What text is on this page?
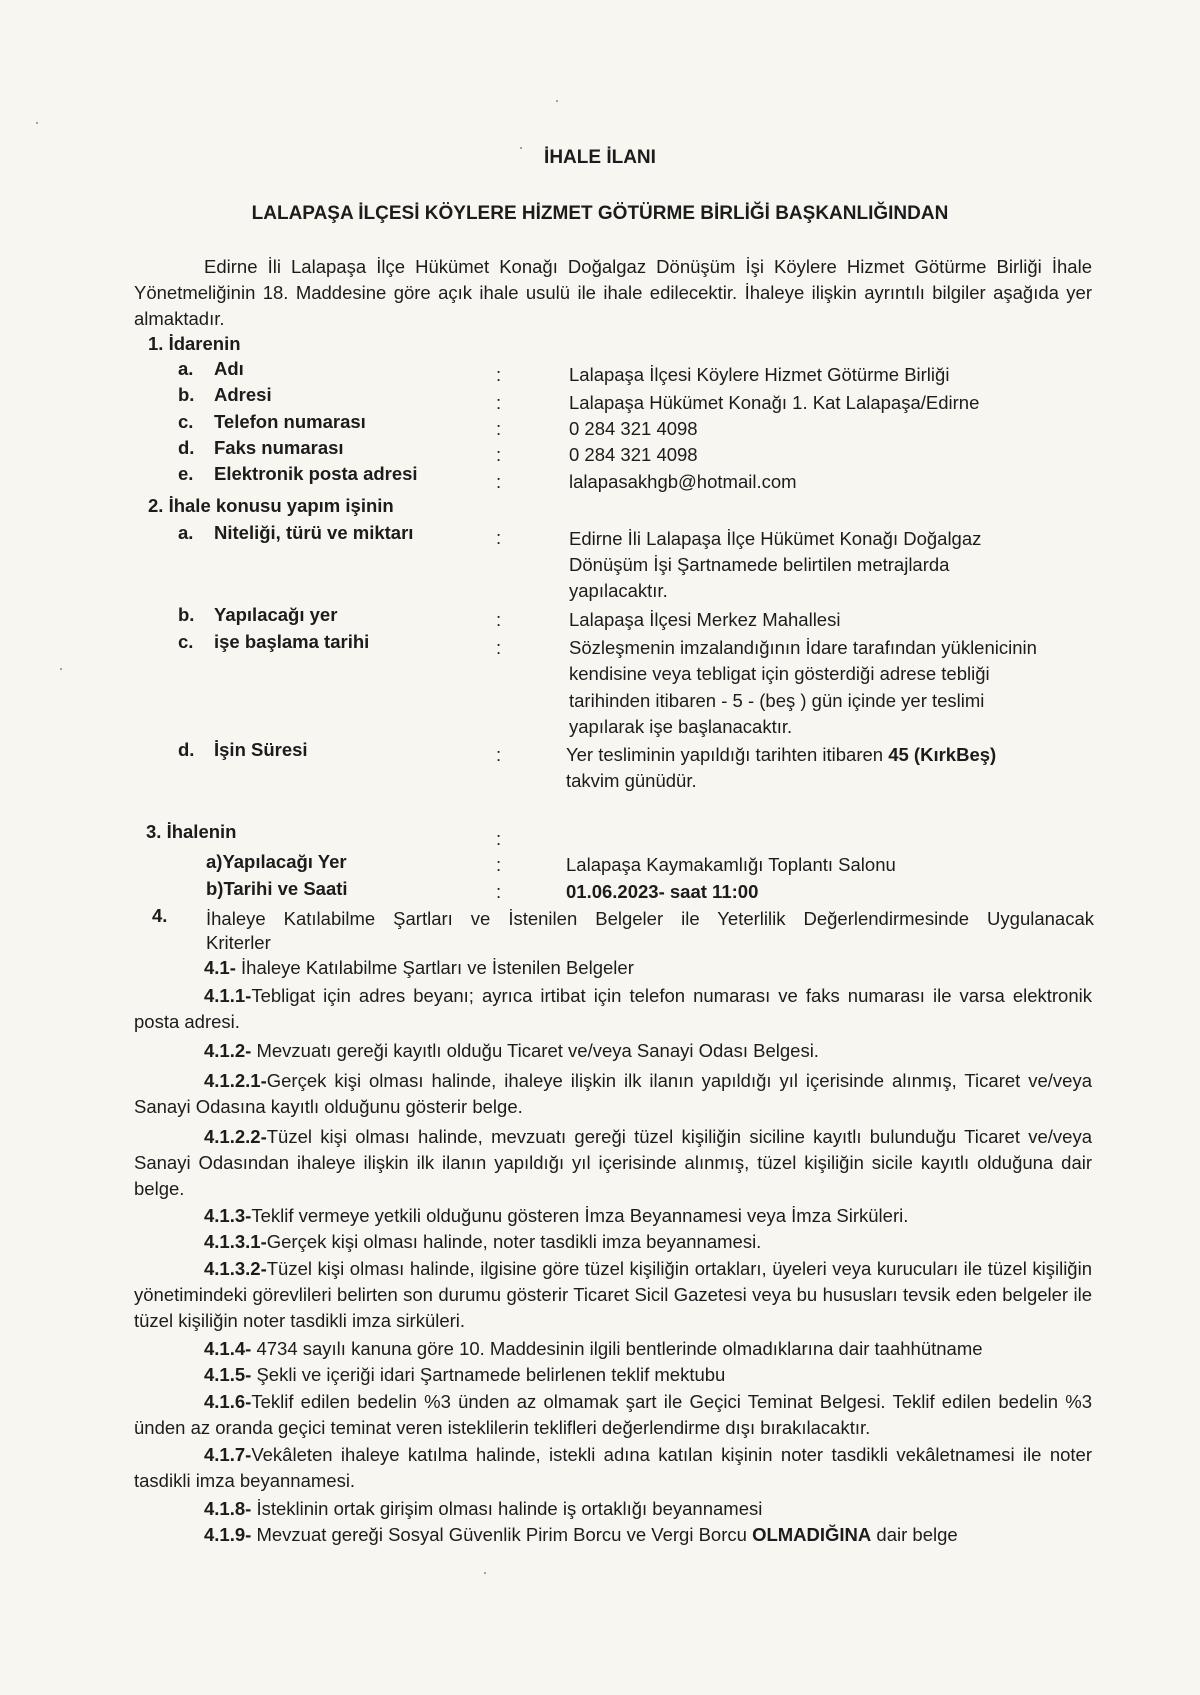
İHALE İLANI
LALAPAŞA İLÇESİ KÖYLERE HİZMET GÖTÜRME BİRLİĞİ BAŞKANLIĞINDAN
Edirne İli Lalapaşa İlçe Hükümet Konağı Doğalgaz Dönüşüm İşi Köylere Hizmet Götürme Birliği İhale Yönetmeliğinin 18. Maddesine göre açık ihale usulü ile ihale edilecektir. İhaleye ilişkin ayrıntılı bilgiler aşağıda yer almaktadır.
1. İdarenin
a. Adı	:	Lalapaşa İlçesi Köylere Hizmet Götürme Birliği
b. Adresi	:	Lalapaşa Hükümet Konağı 1. Kat Lalapaşa/Edirne
c. Telefon numarası	:	0 284 321 4098
d. Faks numarası	:	0 284 321 4098
e. Elektronik posta adresi	:	lalapasakhgb@hotmail.com
2. İhale konusu yapım işinin
a. Niteliği, türü ve miktarı	:	Edirne İli Lalapaşa İlçe Hükümet Konağı Doğalgaz
Dönüşüm İşi Şartnamede belirtilen metrajlarda
yapılacaktır.
b. Yapılacağı yer	:	Lalapaşa İlçesi Merkez Mahallesi
c. işe başlama tarihi	:	Sözleşmenin imzalandığının İdare tarafından yüklenicinin
kendisine veya tebligat için gösterdiği adrese tebliği
tarihinden itibaren - 5 - (beş ) gün içinde yer teslimi
yapılarak işe başlanacaktır.
d. İşin Süresi	:	Yer tesliminin yapıldığı tarihten itibaren 45 (KırkBeş)
takvim günüdür.
3. İhalenin	:
a)Yapılacağı Yer	:	Lalapaşa Kaymakamlığı Toplantı Salonu
b)Tarihi ve Saati	:	01.06.2023- saat 11:00
4. İhaleye Katılabilme Şartları ve İstenilen Belgeler ile Yeterlilik Değerlendirmesinde Uygulanacak
Kriterler
4.1- İhaleye Katılabilme Şartları ve İstenilen Belgeler
4.1.1-Tebligat için adres beyanı; ayrıca irtibat için telefon numarası ve faks numarası ile varsa elektronik posta adresi.
4.1.2- Mevzuatı gereği kayıtlı olduğu Ticaret ve/veya Sanayi Odası Belgesi.
4.1.2.1-Gerçek kişi olması halinde, ihaleye ilişkin ilk ilanın yapıldığı yıl içerisinde alınmış, Ticaret ve/veya Sanayi Odasına kayıtlı olduğunu gösterir belge.
4.1.2.2-Tüzel kişi olması halinde, mevzuatı gereği tüzel kişiliğin siciline kayıtlı bulunduğu Ticaret ve/veya Sanayi Odasından ihaleye ilişkin ilk ilanın yapıldığı yıl içerisinde alınmış, tüzel kişiliğin sicile kayıtlı olduğuna dair belge.
4.1.3-Teklif vermeye yetkili olduğunu gösteren İmza Beyannamesi veya İmza Sirküleri.
4.1.3.1-Gerçek kişi olması halinde, noter tasdikli imza beyannamesi.
4.1.3.2-Tüzel kişi olması halinde, ilgisine göre tüzel kişiliğin ortakları, üyeleri veya kurucuları ile tüzel kişiliğin yönetimindeki görevlileri belirten son durumu gösterir Ticaret Sicil Gazetesi veya bu hususları tevsik eden belgeler ile tüzel kişiliğin noter tasdikli imza sirküleri.
4.1.4- 4734 sayılı kanuna göre 10. Maddesinin ilgili bentlerinde olmadıklarına dair taahhütname
4.1.5- Şekli ve içeriği idari Şartnamede belirlenen teklif mektubu
4.1.6-Teklif edilen bedelin %3 ünden az olmamak şart ile Geçici Teminat Belgesi. Teklif edilen bedelin %3 ünden az oranda geçici teminat veren isteklilerin teklifleri değerlendirme dışı bırakılacaktır.
4.1.7-Vekâleten ihaleye katılma halinde, istekli adına katılan kişinin noter tasdikli vekâletnamesi ile noter tasdikli imza beyannamesi.
4.1.8- İsteklinin ortak girişim olması halinde iş ortaklığı beyannamesi
4.1.9- Mevzuat gereği Sosyal Güvenlik Pirim Borcu ve Vergi Borcu OLMADIĞINA dair belge
